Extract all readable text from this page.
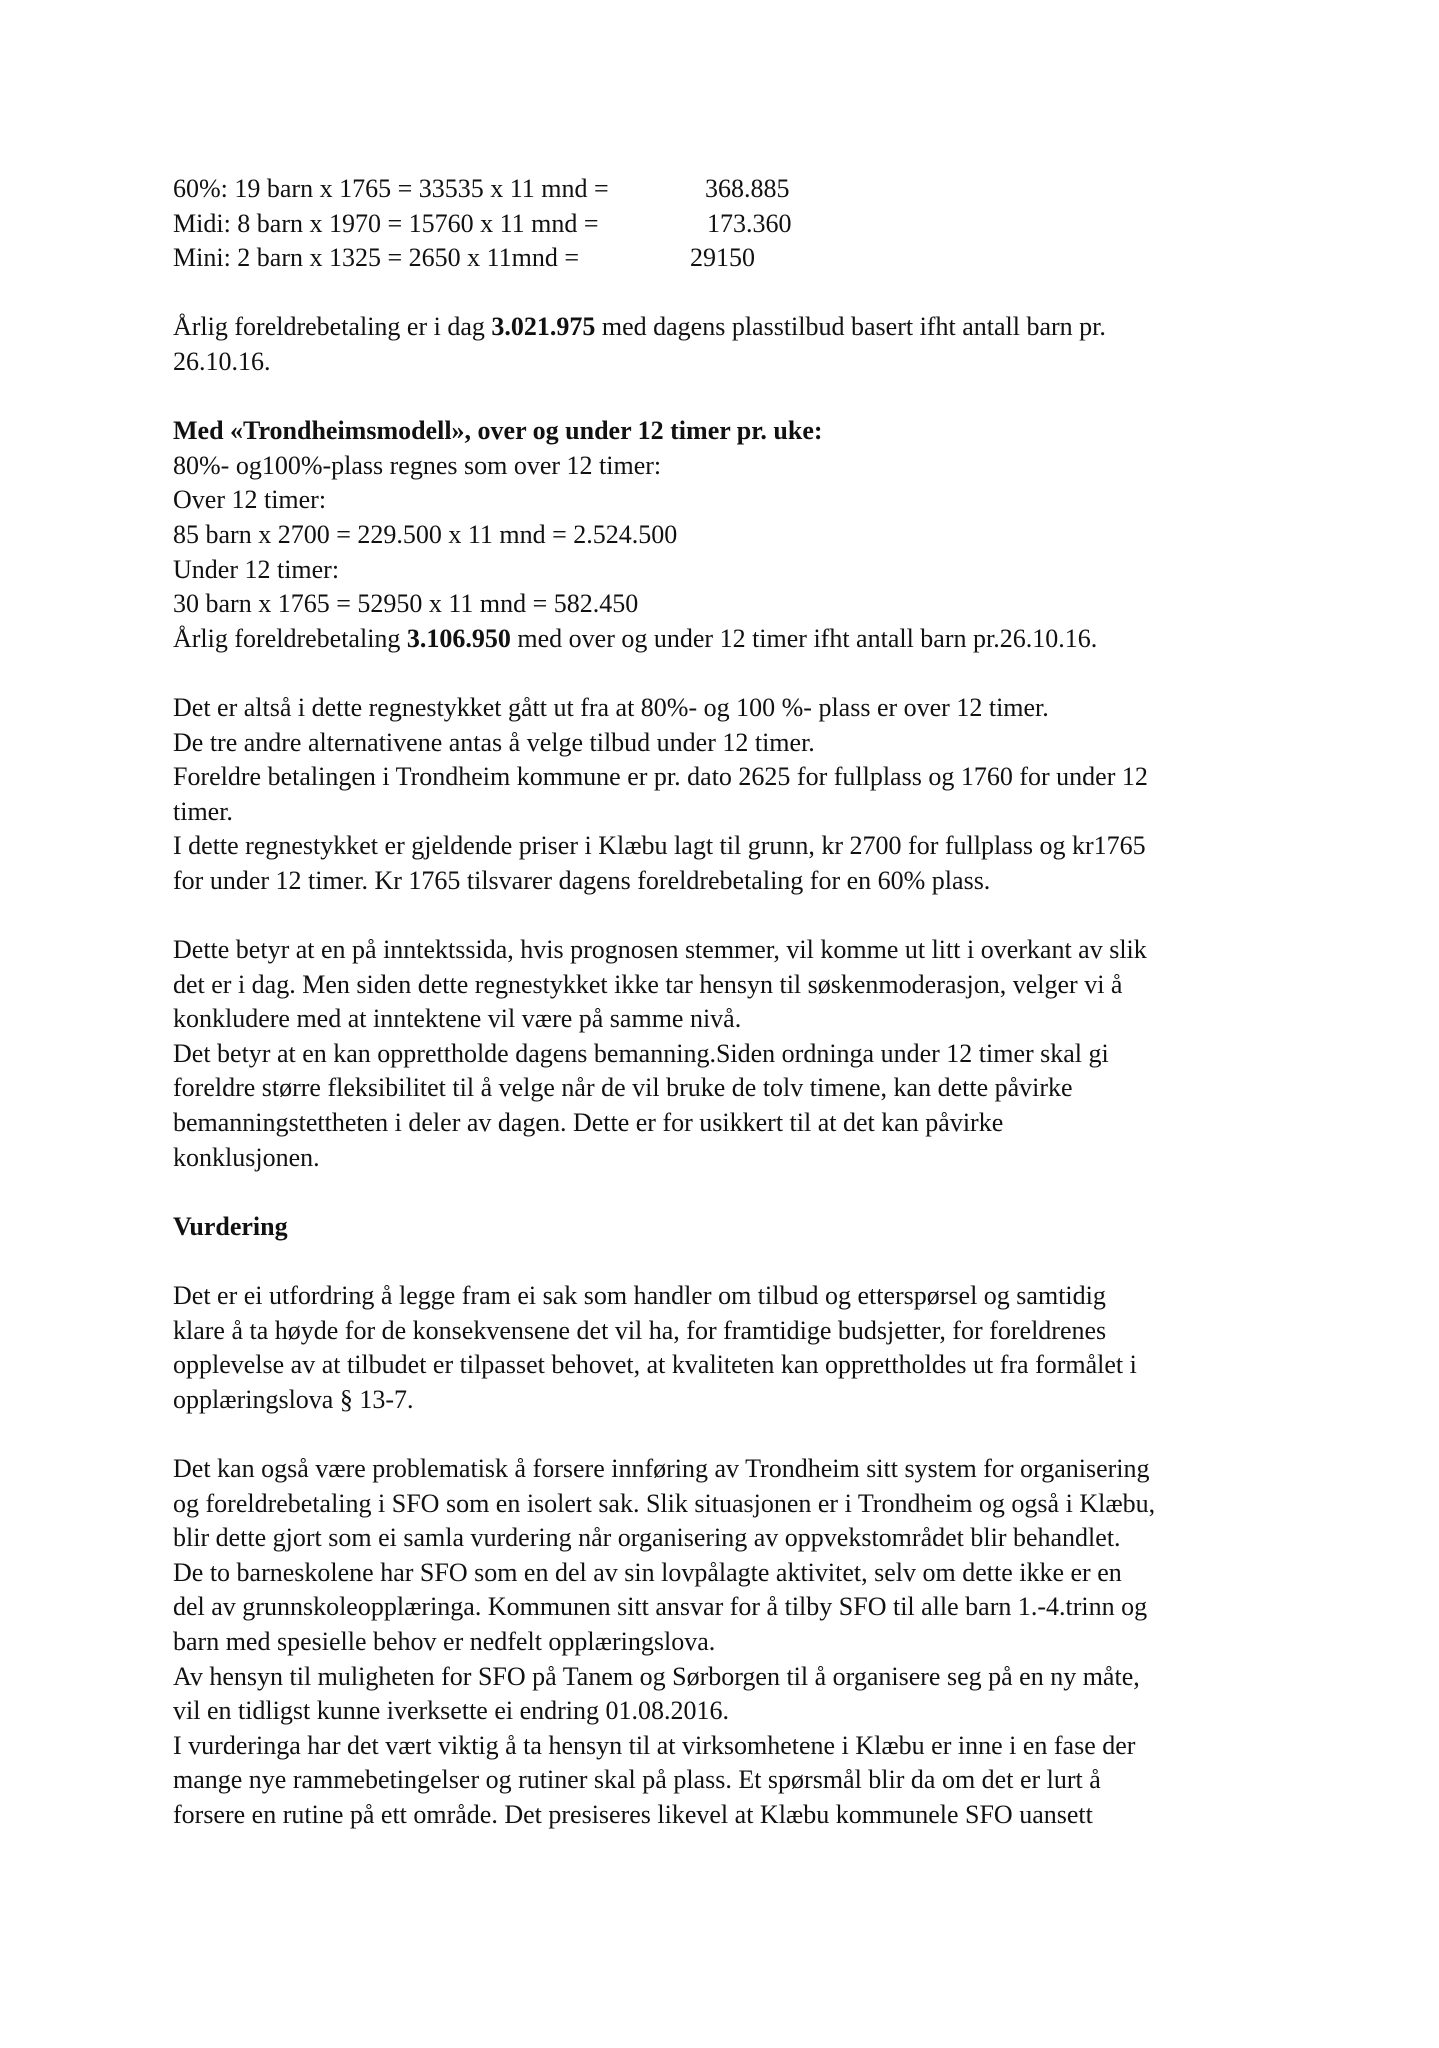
60%: 19 barn x 1765 = 33535 x 11 mnd =	368.885
Midi: 8 barn x 1970 = 15760 x 11 mnd =	173.360
Mini: 2 barn x 1325 = 2650 x 11mnd =	29150
Årlig foreldrebetaling er i dag 3.021.975 med dagens plasstilbud basert ifht antall barn pr.
26.10.16.
Med «Trondheimsmodell», over og under 12 timer pr. uke:
80%- og100%-plass regnes som over 12 timer:
Over 12 timer:
85 barn x 2700 = 229.500 x 11 mnd = 2.524.500
Under 12 timer:
30 barn x 1765 = 52950 x 11 mnd = 582.450
Årlig foreldrebetaling 3.106.950 med over og under 12 timer ifht antall barn pr.26.10.16.
Det er altså i dette regnestykket gått ut fra at 80%- og 100 %- plass er over 12 timer.
De tre andre alternativene antas å velge tilbud under 12 timer.
Foreldre betalingen i Trondheim kommune er pr. dato 2625 for fullplass og 1760 for under 12
timer.
I dette regnestykket er gjeldende priser i Klæbu lagt til grunn, kr 2700 for fullplass og kr1765
for under 12 timer. Kr 1765 tilsvarer dagens foreldrebetaling for en 60% plass.
Dette betyr at en på inntektssida, hvis prognosen stemmer, vil komme ut litt i overkant av slik
det er i dag. Men siden dette regnestykket ikke tar hensyn til søskenmoderasjon, velger vi å
konkludere med at inntektene vil være på samme nivå.
Det betyr at en kan opprettholde dagens bemanning.Siden ordninga under 12 timer skal gi
foreldre større fleksibilitet til å velge når de vil bruke de tolv timene, kan dette påvirke
bemanningstettheten i deler av dagen. Dette er for usikkert til at det kan påvirke
konklusjonen.
Vurdering
Det er ei utfordring å legge fram ei sak som handler om tilbud og etterspørsel og samtidig
klare å ta høyde for de konsekvensene det vil ha, for framtidige budsjetter, for foreldrenes
opplevelse av at tilbudet er tilpasset behovet, at kvaliteten kan opprettholdes ut fra formålet i
opplæringslova § 13-7.
Det kan også være problematisk å forsere innføring av Trondheim sitt system for organisering
og foreldrebetaling i SFO som en isolert sak. Slik situasjonen er i Trondheim og også i Klæbu,
blir dette gjort som ei samla vurdering når organisering av oppvekstområdet blir behandlet.
De to barneskolene har SFO som en del av sin lovpålagte aktivitet, selv om dette ikke er en
del av grunnskoleopplæringa. Kommunen sitt ansvar for å tilby SFO til alle barn 1.-4.trinn og
barn med spesielle behov er nedfelt opplæringslova.
Av hensyn til muligheten for SFO på Tanem og Sørborgen til å organisere seg på en ny måte,
vil en tidligst kunne iverksette ei endring 01.08.2016.
I vurderinga har det vært viktig å ta hensyn til at virksomhetene i Klæbu er inne i en fase der
mange nye rammebetingelser og rutiner skal på plass. Et spørsmål blir da om det er lurt å
forsere en rutine på ett område. Det presiseres likevel at Klæbu kommunele SFO uansett
